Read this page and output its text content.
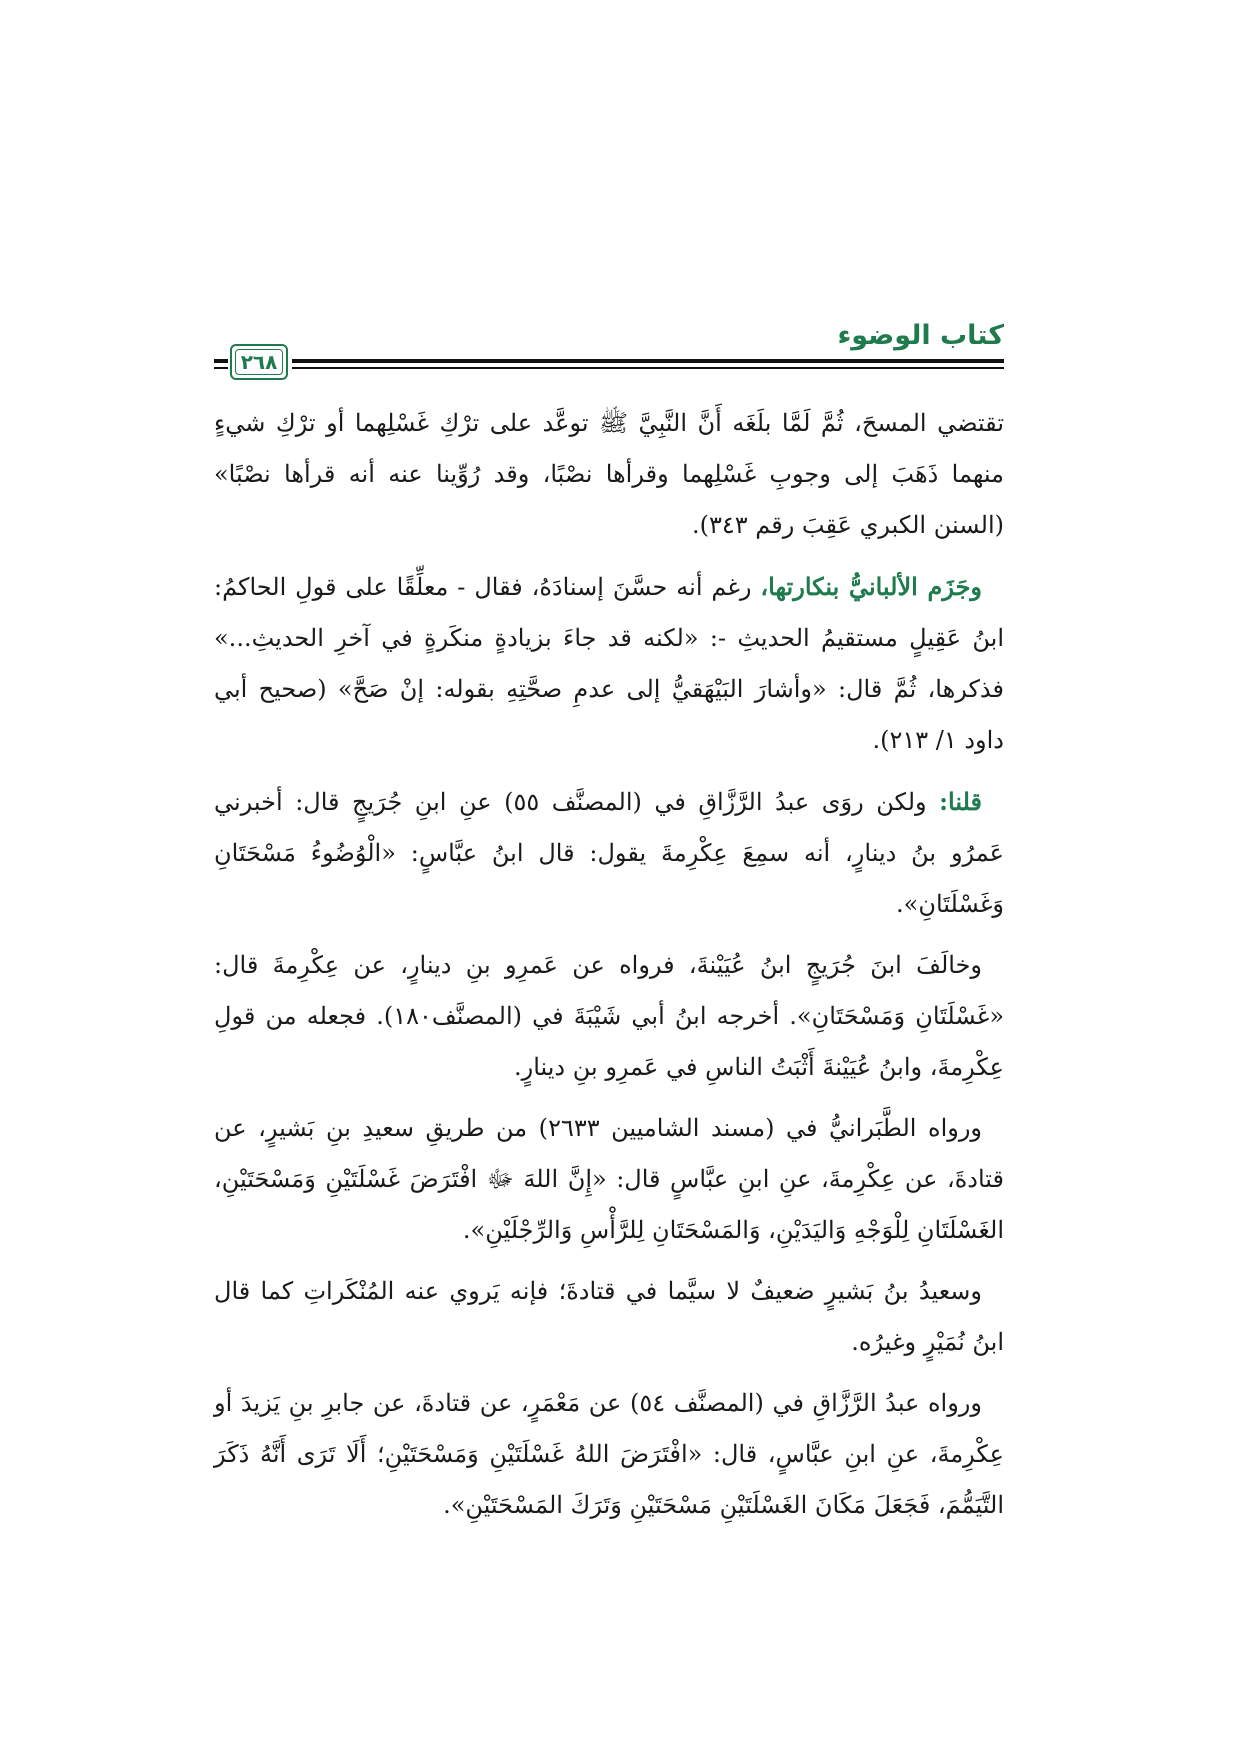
كتاب الوضوء
٢٦٨

تقتضي المسحَ، ثُمَّ لَمَّا بلَغَه أَنَّ النَّبِيَّ ﷺ توعَّد على ترْكِ غَسْلِهما أو ترْكِ شيءٍ منهما ذَهَبَ إلى وجوبِ غَسْلِهما وقرأها نصْبًا، وقد رُوِّينا عنه أنه قرأها نصْبًا» (السنن الكبري عَقِبَ رقم ٣٤٣).

وجَزَم الألبانيُّ بنكارتها، رغم أنه حسَّنَ إسنادَهُ، فقال - معلِّقًا على قولِ الحاكمُ: ابنُ عَقِيلٍ مستقيمُ الحديثِ -: «لكنه قد جاءَ بزيادةٍ منكَرةٍ في آخرِ الحديثِ...» فذكرها، ثُمَّ قال: «وأشارَ البَيْهَقيُّ إلى عدمِ صحَّتِهِ بقوله: إنْ صَحَّ» (صحيح أبي داود ١/ ٢١٣).

قلنا: ولكن روَى عبدُ الرَّزَّاقِ في (المصنَّف ٥٥) عنِ ابنِ جُرَيجٍ قال: أخبرني عَمرُو بنُ دينارٍ، أنه سمِعَ عِكْرِمةَ يقول: قال ابنُ عبَّاسٍ: «الْوُضُوءُ مَسْحَتَانِ وَغَسْلَتَانِ».

وخالَفَ ابنَ جُرَيجٍ ابنُ عُيَيْنةَ، فرواه عن عَمرِو بنِ دينارٍ، عن عِكْرِمةَ قال: «غَسْلَتَانِ وَمَسْحَتَانِ». أخرجه ابنُ أبي شَيْبَةَ في (المصنَّف١٨٠). فجعله من قولِ عِكْرِمةَ، وابنُ عُيَيْنةَ أَثْبَتُ الناسِ في عَمرِو بنِ دينارٍ.

ورواه الطَّبَرانيُّ في (مسند الشاميين ٢٦٣٣) من طريقِ سعيدِ بنِ بَشيرٍ، عن قتادةَ، عن عِكْرِمةَ، عنِ ابنِ عبَّاسٍ قال: «إِنَّ اللهَ ﷻ افْتَرَضَ غَسْلَتَيْنِ وَمَسْحَتَيْنِ، الغَسْلَتَانِ لِلْوَجْهِ وَاليَدَيْنِ، وَالمَسْحَتَانِ لِلرَّأْسِ وَالرِّجْلَيْنِ».

وسعيدُ بنُ بَشيرٍ ضعيفٌ لا سيَّما في قتادةَ؛ فإنه يَروي عنه المُنْكَراتِ كما قال ابنُ نُمَيْرٍ وغيرُه.

ورواه عبدُ الرَّزَّاقِ في (المصنَّف ٥٤) عن مَعْمَرٍ، عن قتادةَ، عن جابرِ بنِ يَزيدَ أو عِكْرِمةَ، عنِ ابنِ عبَّاسٍ، قال: «افْتَرَضَ اللهُ غَسْلَتَيْنِ وَمَسْحَتَيْنِ؛ أَلَا تَرَى أَنَّهُ ذَكَرَ التَّيَمُّمَ، فَجَعَلَ مَكَانَ الغَسْلَتَيْنِ مَسْحَتَيْنِ وَتَرَكَ المَسْحَتَيْنِ».
